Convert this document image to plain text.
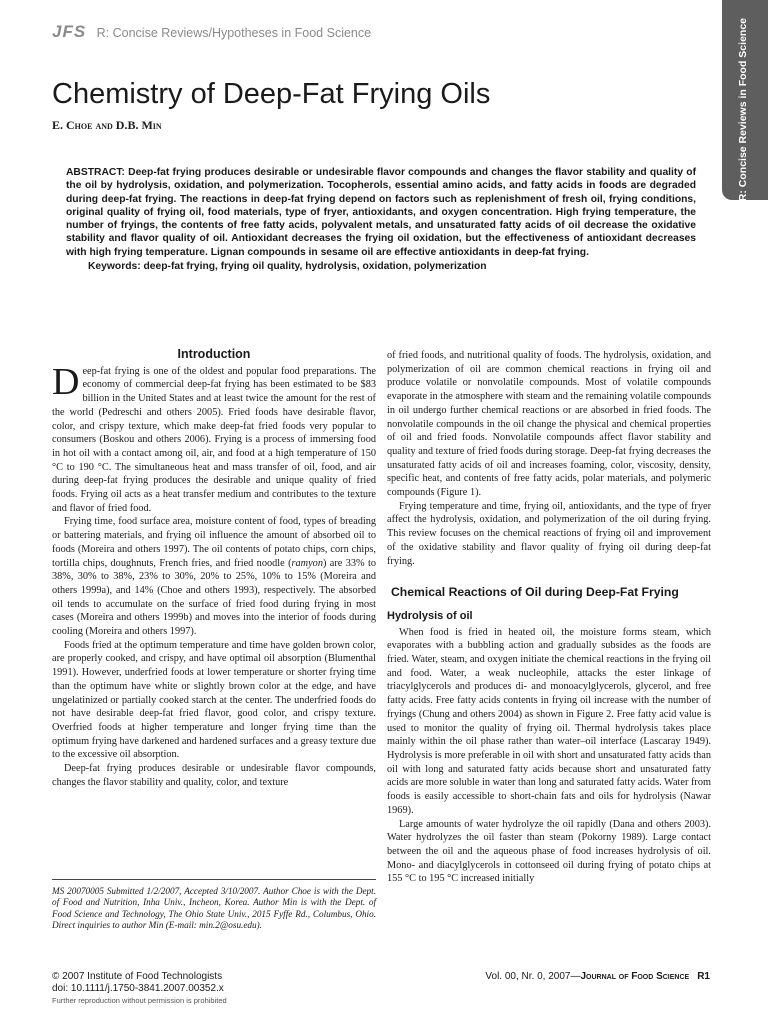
JFS R: Concise Reviews/Hypotheses in Food Science	R: Concise Reviews in Food Science
Chemistry of Deep-Fat Frying Oils
E. Choe and D.B. Min
ABSTRACT: Deep-fat frying produces desirable or undesirable flavor compounds and changes the flavor stability and quality of the oil by hydrolysis, oxidation, and polymerization. Tocopherols, essential amino acids, and fatty acids in foods are degraded during deep-fat frying. The reactions in deep-fat frying depend on factors such as replenishment of fresh oil, frying conditions, original quality of frying oil, food materials, type of fryer, antioxidants, and oxygen concentration. High frying temperature, the number of fryings, the contents of free fatty acids, polyvalent metals, and unsaturated fatty acids of oil decrease the oxidative stability and flavor quality of oil. Antioxidant decreases the frying oil oxidation, but the effectiveness of antioxidant decreases with high frying temperature. Lignan compounds in sesame oil are effective antioxidants in deep-fat frying.
Keywords: deep-fat frying, frying oil quality, hydrolysis, oxidation, polymerization
Introduction

Deep-fat frying is one of the oldest and popular food preparations. The economy of commercial deep-fat frying has been estimated to be $83 billion in the United States and at least twice the amount for the rest of the world (Pedreschi and others 2005). Fried foods have desirable flavor, color, and crispy texture, which make deep-fat fried foods very popular to consumers (Boskou and others 2006). Frying is a process of immersing food in hot oil with a contact among oil, air, and food at a high temperature of 150 °C to 190 °C. The simultaneous heat and mass transfer of oil, food, and air during deep-fat frying produces the desirable and unique quality of fried foods. Frying oil acts as a heat transfer medium and contributes to the texture and flavor of fried food.

Frying time, food surface area, moisture content of food, types of breading or battering materials, and frying oil influence the amount of absorbed oil to foods (Moreira and others 1997). The oil contents of potato chips, corn chips, tortilla chips, doughnuts, French fries, and fried noodle (ramyon) are 33% to 38%, 30% to 38%, 23% to 30%, 20% to 25%, 10% to 15% (Moreira and others 1999a), and 14% (Choe and others 1993), respectively. The absorbed oil tends to accumulate on the surface of fried food during frying in most cases (Moreira and others 1999b) and moves into the interior of foods during cooling (Moreira and others 1997).

Foods fried at the optimum temperature and time have golden brown color, are properly cooked, and crispy, and have optimal oil absorption (Blumenthal 1991). However, underfried foods at lower temperature or shorter frying time than the optimum have white or slightly brown color at the edge, and have ungelatinized or partially cooked starch at the center. The underfried foods do not have desirable deep-fat fried flavor, good color, and crispy texture. Overfried foods at higher temperature and longer frying time than the optimum frying have darkened and hardened surfaces and a greasy texture due to the excessive oil absorption.

Deep-fat frying produces desirable or undesirable flavor compounds, changes the flavor stability and quality, color, and texture

MS 20070005 Submitted 1/2/2007, Accepted 3/10/2007. Author Choe is with the Dept. of Food and Nutrition, Inha Univ., Incheon, Korea. Author Min is with the Dept. of Food Science and Technology, The Ohio State Univ., 2015 Fyffe Rd., Columbus, Ohio. Direct inquiries to author Min (E-mail: min.2@osu.edu).

of fried foods, and nutritional quality of foods. The hydrolysis, oxidation, and polymerization of oil are common chemical reactions in frying oil and produce volatile or nonvolatile compounds. Most of volatile compounds evaporate in the atmosphere with steam and the remaining volatile compounds in oil undergo further chemical reactions or are absorbed in fried foods. The nonvolatile compounds in the oil change the physical and chemical properties of oil and fried foods. Nonvolatile compounds affect flavor stability and quality and texture of fried foods during storage. Deep-fat frying decreases the unsaturated fatty acids of oil and increases foaming, color, viscosity, density, specific heat, and contents of free fatty acids, polar materials, and polymeric compounds (Figure 1).

Frying temperature and time, frying oil, antioxidants, and the type of fryer affect the hydrolysis, oxidation, and polymerization of the oil during frying. This review focuses on the chemical reactions of frying oil and improvement of the oxidative stability and flavor quality of frying oil during deep-fat frying.

Chemical Reactions of Oil during Deep-Fat Frying
Hydrolysis of oil

When food is fried in heated oil, the moisture forms steam, which evaporates with a bubbling action and gradually subsides as the foods are fried. Water, steam, and oxygen initiate the chemical reactions in the frying oil and food. Water, a weak nucleophile, attacks the ester linkage of triacylglycerols and produces di- and monoacylglycerols, glycerol, and free fatty acids. Free fatty acids contents in frying oil increase with the number of fryings (Chung and others 2004) as shown in Figure 2. Free fatty acid value is used to monitor the quality of frying oil. Thermal hydrolysis takes place mainly within the oil phase rather than water–oil interface (Lascaray 1949). Hydrolysis is more preferable in oil with short and unsaturated fatty acids than oil with long and saturated fatty acids because short and unsaturated fatty acids are more soluble in water than long and saturated fatty acids. Water from foods is easily accessible to short-chain fats and oils for hydrolysis (Nawar 1969).

Large amounts of water hydrolyze the oil rapidly (Dana and others 2003). Water hydrolyzes the oil faster than steam (Pokorny 1989). Large contact between the oil and the aqueous phase of food increases hydrolysis of oil. Mono- and diacylglycerols in cottonseed oil during frying of potato chips at 155 °C to 195 °C increased initially

© 2007 Institute of Food Technologists
doi: 10.1111/j.1750-3841.2007.00352.x
Further reproduction without permission is prohibited
Vol. 00, Nr. 0, 2007—Journal of Food Science R1
